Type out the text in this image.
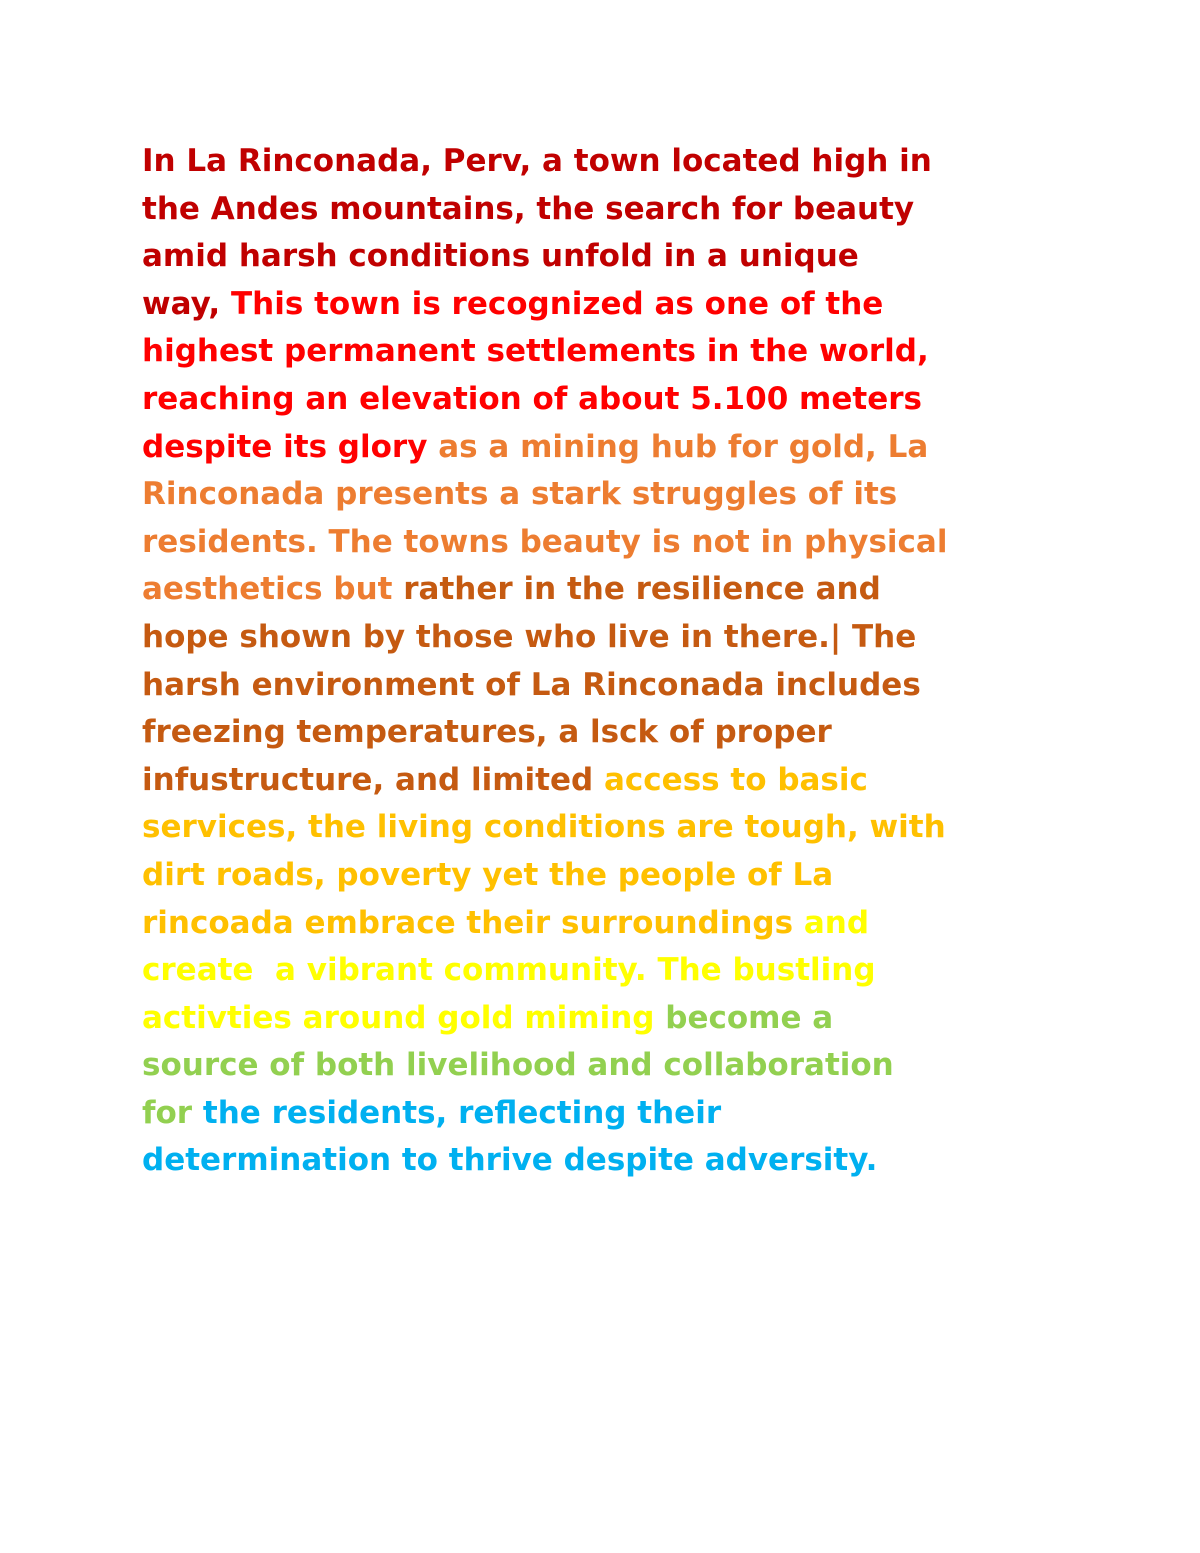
In La Rinconada, Perv, a town located high in
the Andes mountains, the search for beauty
amid harsh conditions unfold in a unique
way, This town is recognized as one of the
highest permanent settlements in the world,
reaching an elevation of about 5.100 meters
despite its glory as a mining hub for gold, La
Rinconada presents a stark struggles of its
residents. The towns beauty is not in physical
aesthetics but rather in the resilience and
hope shown by those who live in there.| The
harsh environment of La Rinconada includes
freezing temperatures, a lsck of proper
infustructure, and limited access to basic
services, the living conditions are tough, with
dirt roads, poverty yet the people of La
rincoada embrace their surroundings and
create  a vibrant community. The bustling
activties around gold miming become a
source of both livelihood and collaboration
for the residents, reflecting their
determination to thrive despite adversity.
